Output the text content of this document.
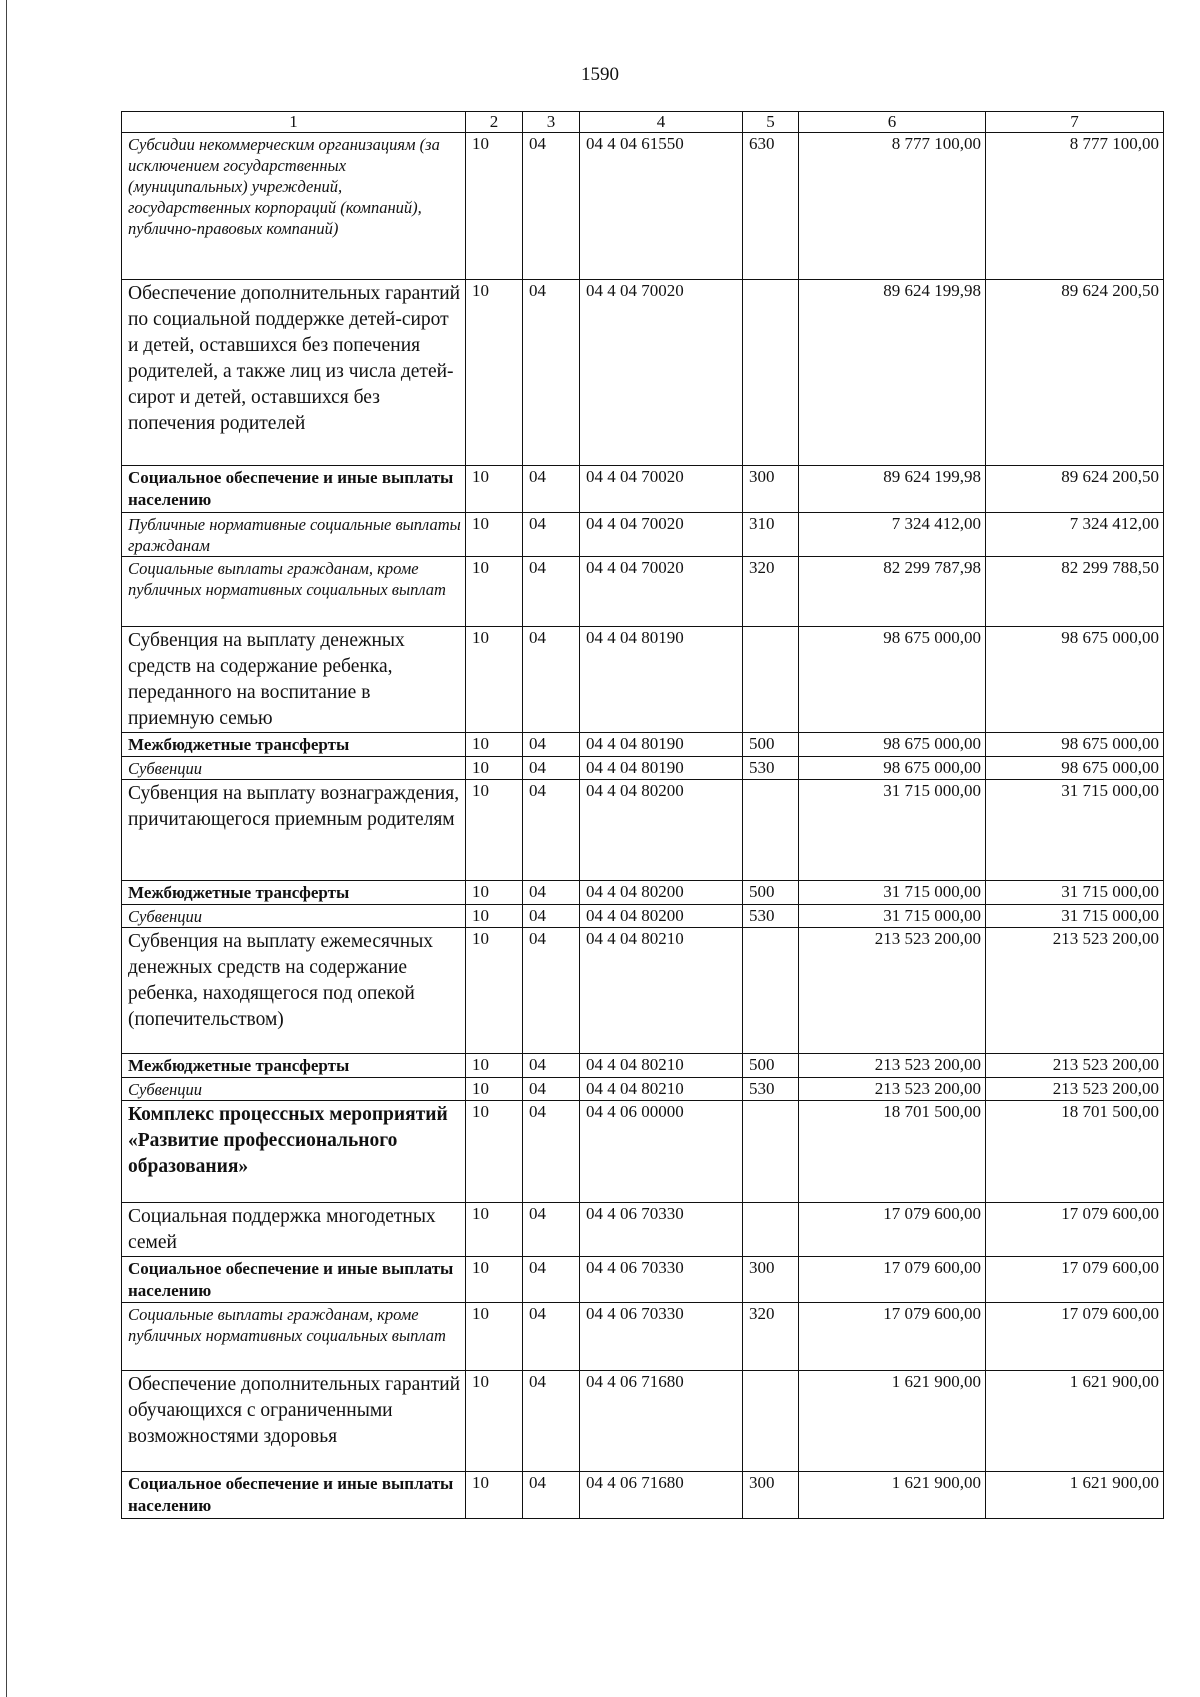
1590
1	2	3	4	5	6	7
Субсидии некоммерческим организациям (за исключением государственных (муниципальных) учреждений, государственных корпораций (компаний), публично-правовых компаний)	10	04	04 4 04 61550	630	8 777 100,00	8 777 100,00
Обеспечение дополнительных гарантий по социальной поддержке детей-сирот и детей, оставшихся без попечения родителей, а также лиц из числа детей-сирот и детей, оставшихся без попечения родителей	10	04	04 4 04 70020		89 624 199,98	89 624 200,50
Социальное обеспечение и иные выплаты населению	10	04	04 4 04 70020	300	89 624 199,98	89 624 200,50
Публичные нормативные социальные выплаты гражданам	10	04	04 4 04 70020	310	7 324 412,00	7 324 412,00
Социальные выплаты гражданам, кроме публичных нормативных социальных выплат	10	04	04 4 04 70020	320	82 299 787,98	82 299 788,50
Субвенция на выплату денежных средств на содержание ребенка, переданного на воспитание в приемную семью	10	04	04 4 04 80190		98 675 000,00	98 675 000,00
Межбюджетные трансферты	10	04	04 4 04 80190	500	98 675 000,00	98 675 000,00
Субвенции	10	04	04 4 04 80190	530	98 675 000,00	98 675 000,00
Субвенция на выплату вознаграждения, причитающегося приемным родителям	10	04	04 4 04 80200		31 715 000,00	31 715 000,00
Межбюджетные трансферты	10	04	04 4 04 80200	500	31 715 000,00	31 715 000,00
Субвенции	10	04	04 4 04 80200	530	31 715 000,00	31 715 000,00
Субвенция на выплату ежемесячных денежных средств на содержание ребенка, находящегося под опекой (попечительством)	10	04	04 4 04 80210		213 523 200,00	213 523 200,00
Межбюджетные трансферты	10	04	04 4 04 80210	500	213 523 200,00	213 523 200,00
Субвенции	10	04	04 4 04 80210	530	213 523 200,00	213 523 200,00
Комплекс процессных мероприятий «Развитие профессионального образования»	10	04	04 4 06 00000		18 701 500,00	18 701 500,00
Социальная поддержка многодетных семей	10	04	04 4 06 70330		17 079 600,00	17 079 600,00
Социальное обеспечение и иные выплаты населению	10	04	04 4 06 70330	300	17 079 600,00	17 079 600,00
Социальные выплаты гражданам, кроме публичных нормативных социальных выплат	10	04	04 4 06 70330	320	17 079 600,00	17 079 600,00
Обеспечение дополнительных гарантий обучающихся с ограниченными возможностями здоровья	10	04	04 4 06 71680		1 621 900,00	1 621 900,00
Социальное обеспечение и иные выплаты населению	10	04	04 4 06 71680	300	1 621 900,00	1 621 900,00
